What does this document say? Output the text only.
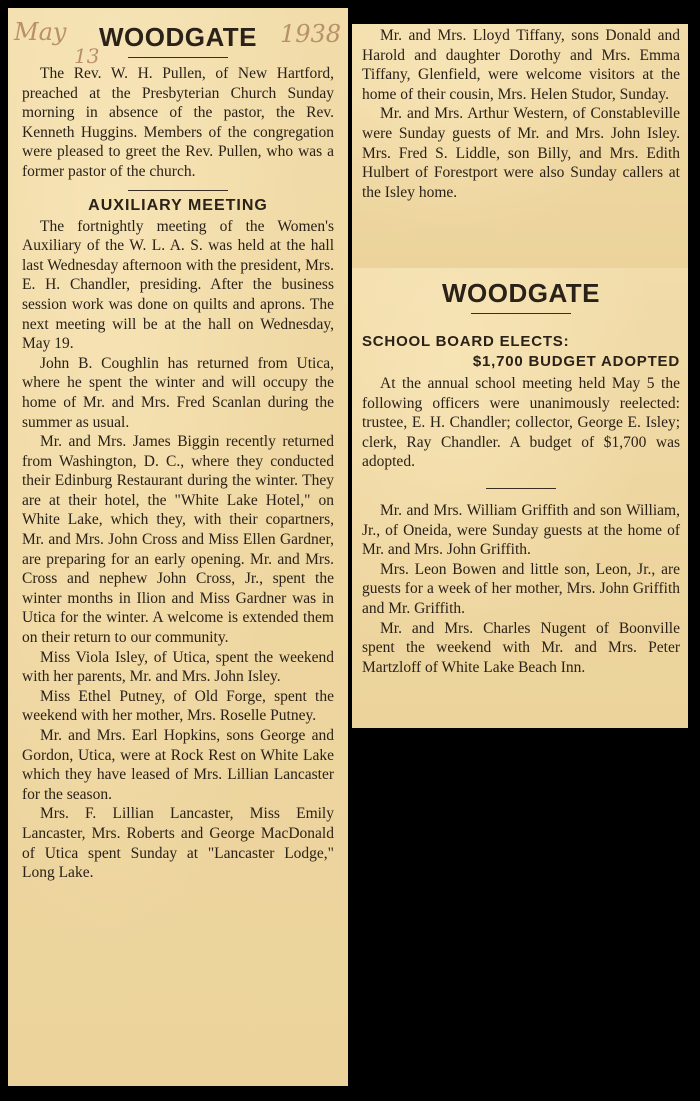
May
13
1938
WOODGATE

The Rev. W. H. Pullen, of New Hartford, preached at the Presbyterian Church Sunday morning in absence of the pastor, the Rev. Kenneth Huggins. Members of the congregation were pleased to greet the Rev. Pullen, who was a former pastor of the church.

AUXILIARY MEETING

The fortnightly meeting of the Women's Auxiliary of the W. L. A. S. was held at the hall last Wednesday afternoon with the president, Mrs. E. H. Chandler, presiding. After the business session work was done on quilts and aprons. The next meeting will be at the hall on Wednesday, May 19.

John B. Coughlin has returned from Utica, where he spent the winter and will occupy the home of Mr. and Mrs. Fred Scanlan during the summer as usual.

Mr. and Mrs. James Biggin recently returned from Washington, D. C., where they conducted their Edinburg Restaurant during the winter. They are at their hotel, the "White Lake Hotel," on White Lake, which they, with their copartners, Mr. and Mrs. John Cross and Miss Ellen Gardner, are preparing for an early opening. Mr. and Mrs. Cross and nephew John Cross, Jr., spent the winter months in Ilion and Miss Gardner was in Utica for the winter. A welcome is extended them on their return to our community.

Miss Viola Isley, of Utica, spent the weekend with her parents, Mr. and Mrs. John Isley.

Miss Ethel Putney, of Old Forge, spent the weekend with her mother, Mrs. Roselle Putney.

Mr. and Mrs. Earl Hopkins, sons George and Gordon, Utica, were at Rock Rest on White Lake which they have leased of Mrs. Lillian Lancaster for the season.

Mrs. F. Lillian Lancaster, Miss Emily Lancaster, Mrs. Roberts and George MacDonald of Utica spent Sunday at "Lancaster Lodge," Long Lake.

Mr. and Mrs. Lloyd Tiffany, sons Donald and Harold and daughter Dorothy and Mrs. Emma Tiffany, Glenfield, were welcome visitors at the home of their cousin, Mrs. Helen Studor, Sunday.

Mr. and Mrs. Arthur Western, of Constableville were Sunday guests of Mr. and Mrs. John Isley. Mrs. Fred S. Liddle, son Billy, and Mrs. Edith Hulbert of Forestport were also Sunday callers at the Isley home.

WOODGATE
SCHOOL BOARD ELECTS:
$1,700 BUDGET ADOPTED

At the annual school meeting held May 5 the following officers were unanimously reelected: trustee, E. H. Chandler; collector, George E. Isley; clerk, Ray Chandler. A budget of $1,700 was adopted.

Mr. and Mrs. William Griffith and son William, Jr., of Oneida, were Sunday guests at the home of Mr. and Mrs. John Griffith.

Mrs. Leon Bowen and little son, Leon, Jr., are guests for a week of her mother, Mrs. John Griffith and Mr. Griffith.

Mr. and Mrs. Charles Nugent of Boonville spent the weekend with Mr. and Mrs. Peter Martzloff of White Lake Beach Inn.
